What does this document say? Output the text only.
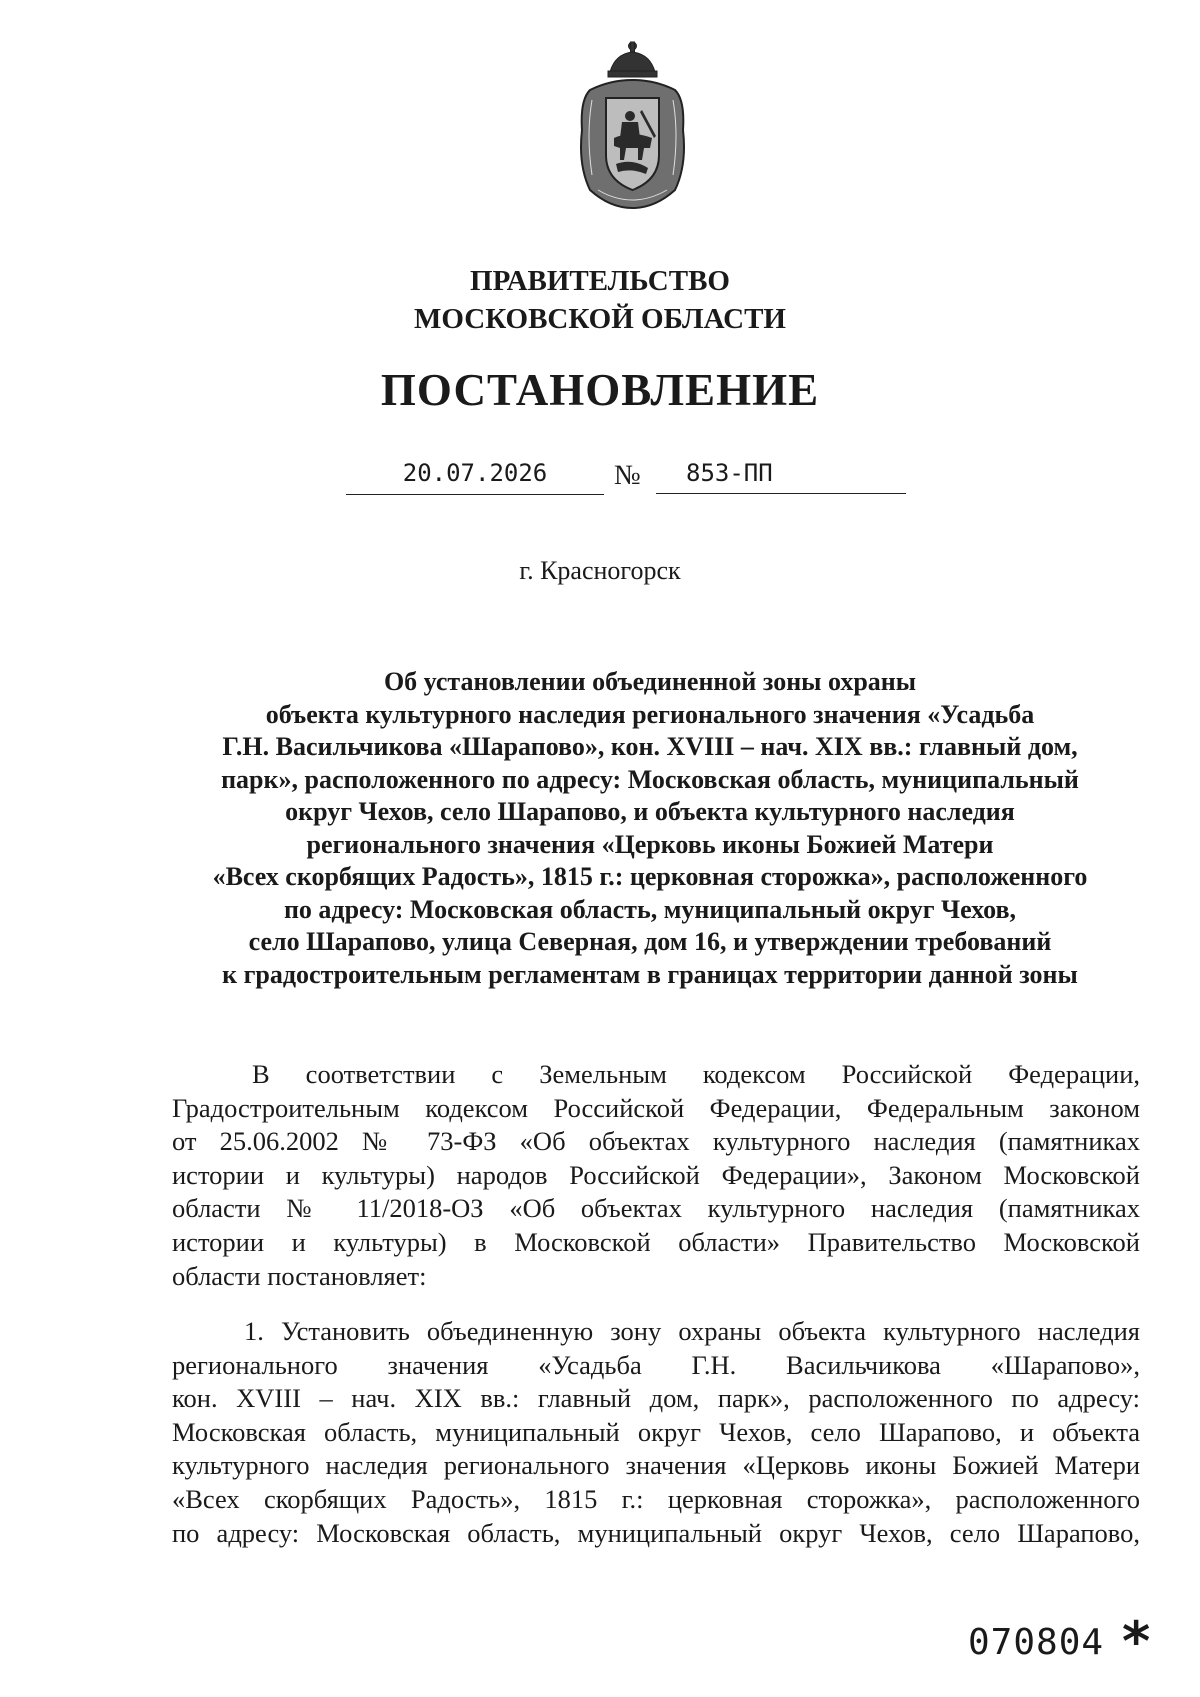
ПРАВИТЕЛЬСТВО
МОСКОВСКОЙ ОБЛАСТИ
ПОСТАНОВЛЕНИЕ
20.07.2026	№	853-ПП
г. Красногорск
Об установлении объединенной зоны охраны
объекта культурного наследия регионального значения «Усадьба
Г.Н. Васильчикова «Шарапово», кон. XVIII – нач. XIX вв.: главный дом,
парк», расположенного по адресу: Московская область, муниципальный
округ Чехов, село Шарапово, и объекта культурного наследия
регионального значения «Церковь иконы Божией Матери
«Всех скорбящих Радость», 1815 г.: церковная сторожка», расположенного
по адресу: Московская область, муниципальный округ Чехов,
село Шарапово, улица Северная, дом 16, и утверждении требований
к градостроительным регламентам в границах территории данной зоны
В соответствии с Земельным кодексом Российской Федерации,
Градостроительным кодексом Российской Федерации, Федеральным законом
от 25.06.2002 № 73-ФЗ «Об объектах культурного наследия (памятниках
истории и культуры) народов Российской Федерации», Законом Московской
области № 11/2018-ОЗ «Об объектах культурного наследия (памятниках
истории и культуры) в Московской области» Правительство Московской
области постановляет:
1. Установить объединенную зону охраны объекта культурного наследия
регионального значения «Усадьба Г.Н. Васильчикова «Шарапово»,
кон. XVIII – нач. XIX вв.: главный дом, парк», расположенного по адресу:
Московская область, муниципальный округ Чехов, село Шарапово, и объекта
культурного наследия регионального значения «Церковь иконы Божией Матери
«Всех скорбящих Радость», 1815 г.: церковная сторожка», расположенного
по адресу: Московская область, муниципальный округ Чехов, село Шарапово,
070804 *
